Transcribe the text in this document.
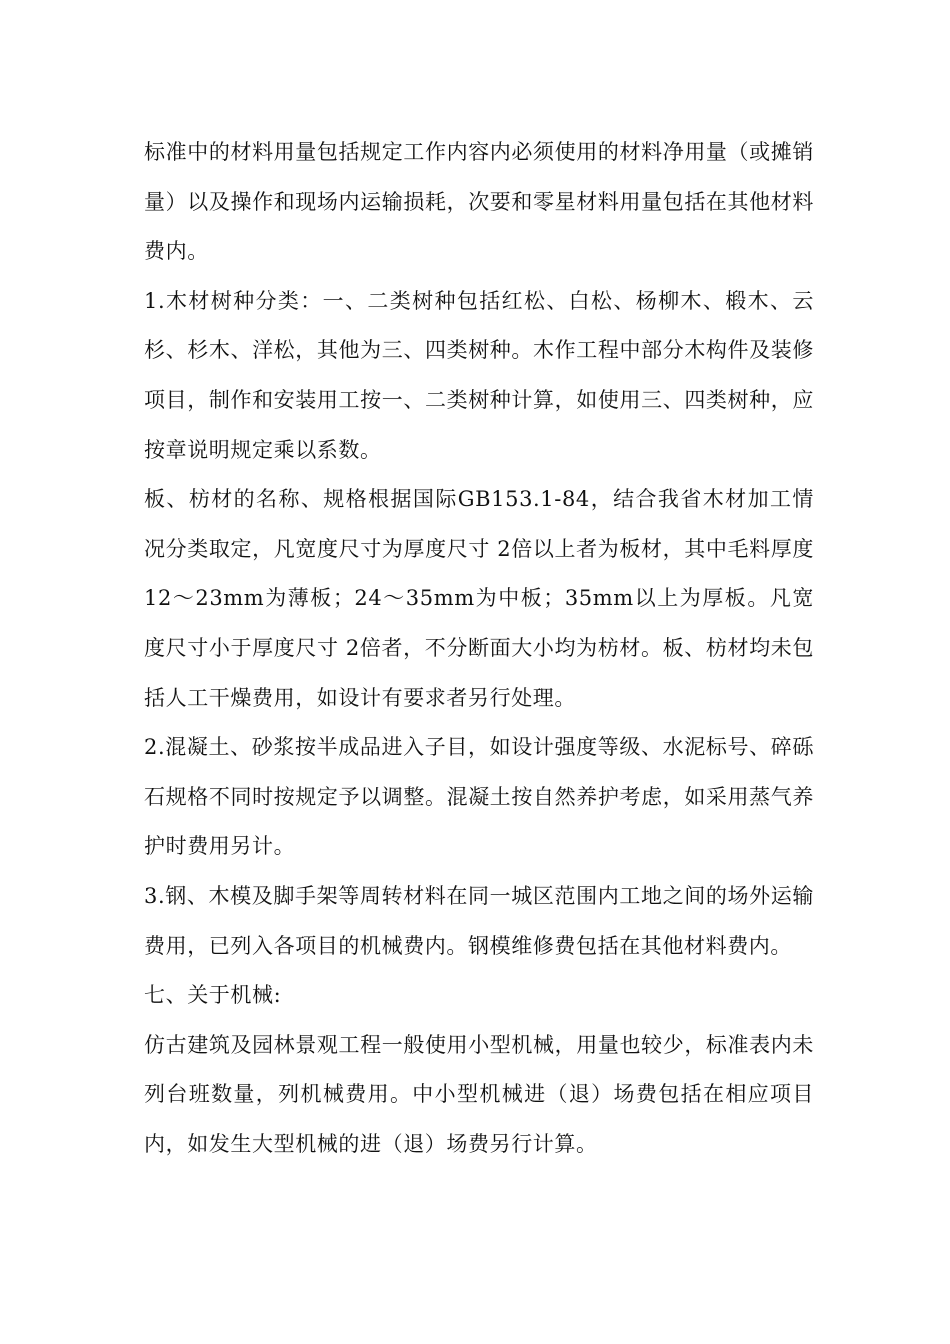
标准中的材料用量包括规定工作内容内必须使用的材料净用量（或摊销量）以及操作和现场内运输损耗，次要和零星材料用量包括在其他材料费内。

1.木材树种分类：一、二类树种包括红松、白松、杨柳木、椴木、云杉、杉木、洋松，其他为三、四类树种。木作工程中部分木构件及装修项目，制作和安装用工按一、二类树种计算，如使用三、四类树种，应按章说明规定乘以系数。

板、枋材的名称、规格根据国际GB153.1-84，结合我省木材加工情况分类取定，凡宽度尺寸为厚度尺寸 2倍以上者为板材，其中毛料厚度 12～23mm为薄板；24～35mm为中板；35mm以上为厚板。凡宽度尺寸小于厚度尺寸 2倍者，不分断面大小均为枋材。板、枋材均未包括人工干燥费用，如设计有要求者另行处理。

2.混凝土、砂浆按半成品进入子目，如设计强度等级、水泥标号、碎砾石规格不同时按规定予以调整。混凝土按自然养护考虑，如采用蒸气养护时费用另计。

3.钢、木模及脚手架等周转材料在同一城区范围内工地之间的场外运输费用，已列入各项目的机械费内。钢模维修费包括在其他材料费内。

七、关于机械:

仿古建筑及园林景观工程一般使用小型机械，用量也较少，标准表内未列台班数量，列机械费用。中小型机械进（退）场费包括在相应项目内，如发生大型机械的进（退）场费另行计算。
